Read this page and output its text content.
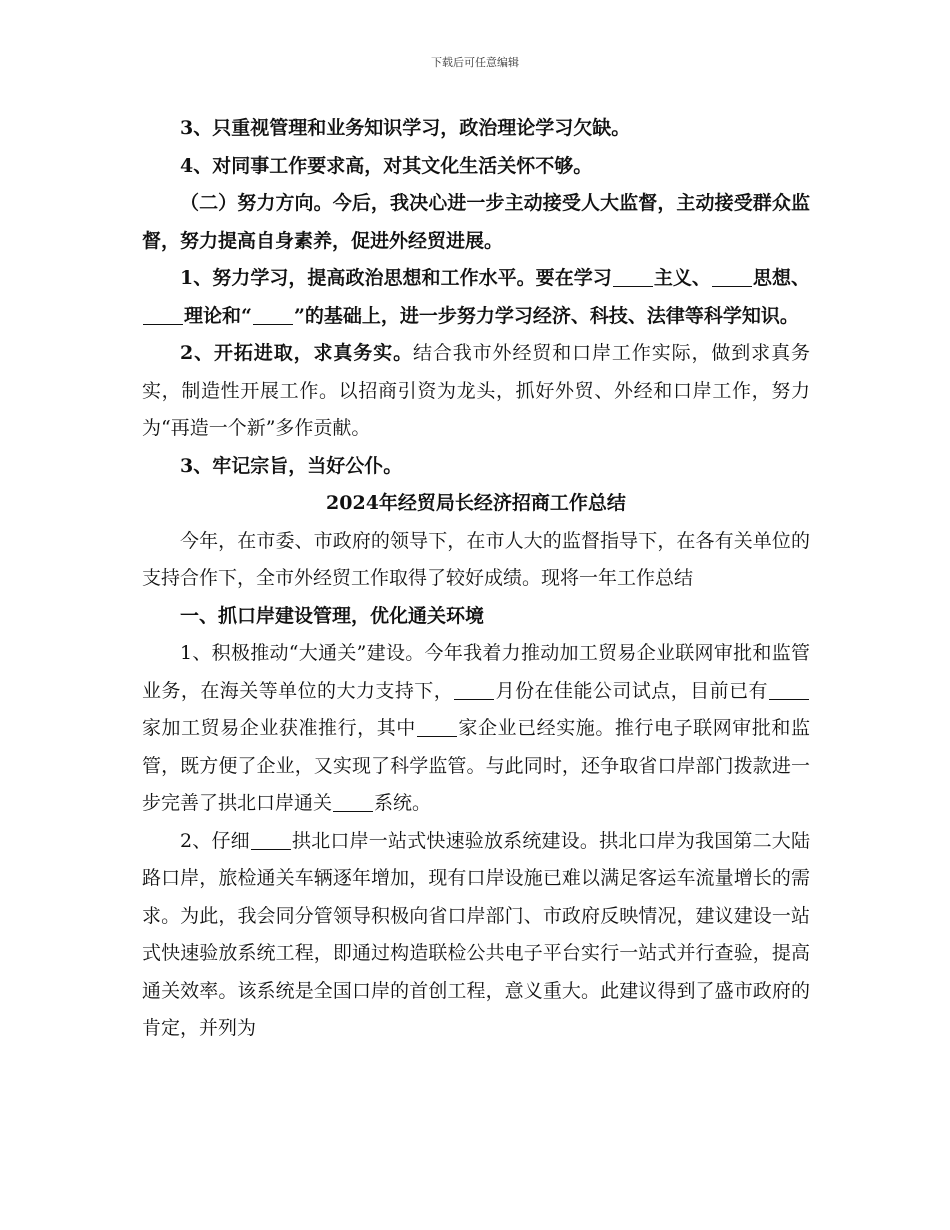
下载后可任意编辑

3、只重视管理和业务知识学习，政治理论学习欠缺。

4、对同事工作要求高，对其文化生活关怀不够。

（二）努力方向。今后，我决心进一步主动接受人大监督，主动接受群众监督，努力提高自身素养，促进外经贸进展。

1、努力学习，提高政治思想和工作水平。要在学习 主义、 思想、理论和“ ”的基础上，进一步努力学习经济、科技、法律等科学知识。

2、开拓进取，求真务实。结合我市外经贸和口岸工作实际，做到求真务实，制造性开展工作。以招商引资为龙头，抓好外贸、外经和口岸工作，努力为“再造一个新”多作贡献。

3、牢记宗旨，当好公仆。

2024年经贸局长经济招商工作总结

今年，在市委、市政府的领导下，在市人大的监督指导下，在各有关单位的支持合作下，全市外经贸工作取得了较好成绩。现将一年工作总结

一、抓口岸建设管理，优化通关环境

1、积极推动“大通关”建设。今年我着力推动加工贸易企业联网审批和监管业务，在海关等单位的大力支持下， 月份在佳能公司试点，目前已有家加工贸易企业获准推行，其中 家企业已经实施。推行电子联网审批和监管，既方便了企业，又实现了科学监管。与此同时，还争取省口岸部门拨款进一步完善了拱北口岸通关 系统。

2、仔细 拱北口岸一站式快速验放系统建设。拱北口岸为我国第二大陆路口岸，旅检通关车辆逐年增加，现有口岸设施已难以满足客运车流量增长的需求。为此，我会同分管领导积极向省口岸部门、市政府反映情况，建议建设一站式快速验放系统工程，即通过构造联检公共电子平台实行一站式并行查验，提高通关效率。该系统是全国口岸的首创工程，意义重大。此建议得到了盛市政府的肯定，并列为
